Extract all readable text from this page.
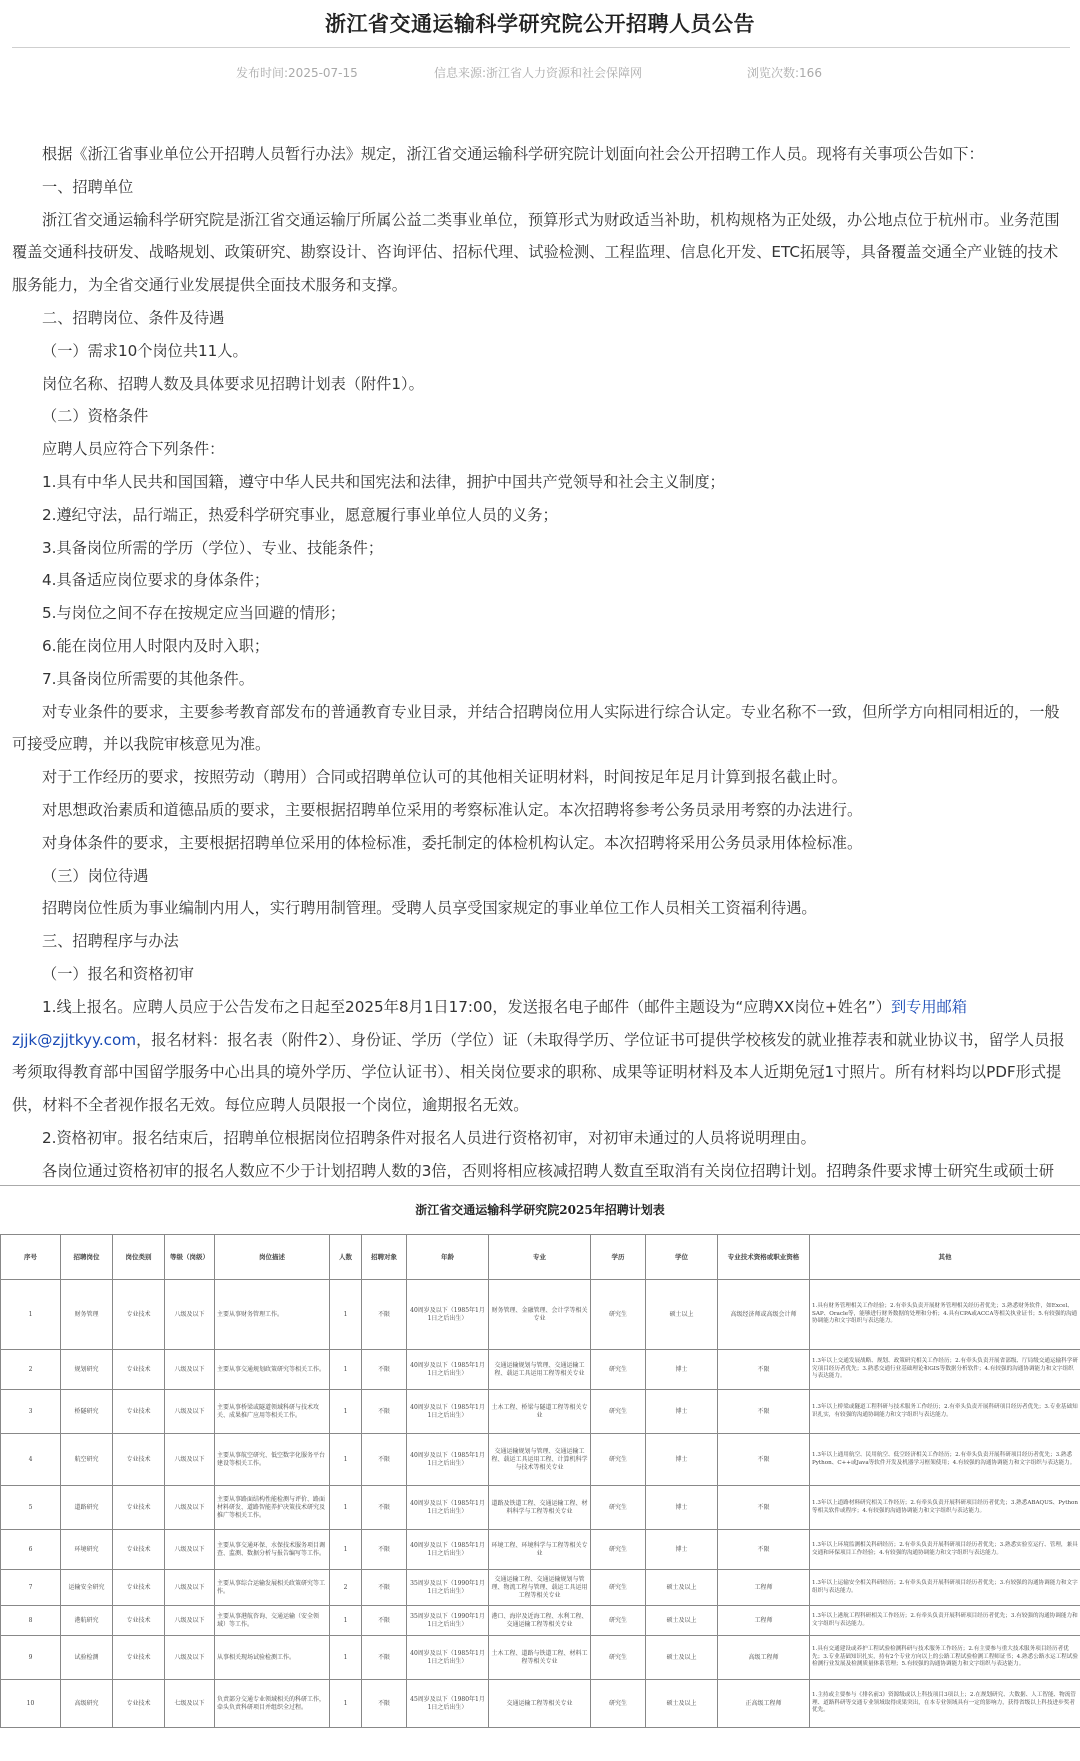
浙江省交通运输科学研究院公开招聘人员公告
发布时间:2025-07-15	信息来源:浙江省人力资源和社会保障网	浏览次数:166

根据《浙江省事业单位公开招聘人员暂行办法》规定，浙江省交通运输科学研究院计划面向社会公开招聘工作人员。现将有关事项公告如下：

一、招聘单位

浙江省交通运输科学研究院是浙江省交通运输厅所属公益二类事业单位，预算形式为财政适当补助，机构规格为正处级，办公地点位于杭州市。业务范围覆盖交通科技研发、战略规划、政策研究、勘察设计、咨询评估、招标代理、试验检测、工程监理、信息化开发、ETC拓展等，具备覆盖交通全产业链的技术服务能力，为全省交通行业发展提供全面技术服务和支撑。

二、招聘岗位、条件及待遇

（一）需求10个岗位共11人。

岗位名称、招聘人数及具体要求见招聘计划表（附件1）。

（二）资格条件

应聘人员应符合下列条件：

1.具有中华人民共和国国籍，遵守中华人民共和国宪法和法律，拥护中国共产党领导和社会主义制度；

2.遵纪守法，品行端正，热爱科学研究事业，愿意履行事业单位人员的义务；

3.具备岗位所需的学历（学位）、专业、技能条件；

4.具备适应岗位要求的身体条件；

5.与岗位之间不存在按规定应当回避的情形；

6.能在岗位用人时限内及时入职；

7.具备岗位所需要的其他条件。

对专业条件的要求，主要参考教育部发布的普通教育专业目录，并结合招聘岗位用人实际进行综合认定。专业名称不一致，但所学方向相同相近的，一般可接受应聘，并以我院审核意见为准。

对于工作经历的要求，按照劳动（聘用）合同或招聘单位认可的其他相关证明材料，时间按足年足月计算到报名截止时。

对思想政治素质和道德品质的要求，主要根据招聘单位采用的考察标准认定。本次招聘将参考公务员录用考察的办法进行。

对身体条件的要求，主要根据招聘单位采用的体检标准，委托制定的体检机构认定。本次招聘将采用公务员录用体检标准。

（三）岗位待遇

招聘岗位性质为事业编制内用人，实行聘用制管理。受聘人员享受国家规定的事业单位工作人员相关工资福利待遇。

三、招聘程序与办法

（一）报名和资格初审

1.线上报名。应聘人员应于公告发布之日起至2025年8月1日17:00，发送报名电子邮件（邮件主题设为“应聘XX岗位+姓名”）到专用邮箱zjjk@zjjtkyy.com，报名材料：报名表（附件2）、身份证、学历（学位）证（未取得学历、学位证书可提供学校核发的就业推荐表和就业协议书，留学人员报考须取得教育部中国留学服务中心出具的境外学历、学位认证书）、相关岗位要求的职称、成果等证明材料及本人近期免冠1寸照片。所有材料均以PDF形式提供，材料不全者视作报名无效。每位应聘人员限报一个岗位，逾期报名无效。

2.资格初审。报名结束后，招聘单位根据岗位招聘条件对报名人员进行资格初审，对初审未通过的人员将说明理由。

各岗位通过资格初审的报名人数应不少于计划招聘人数的3倍，否则将相应核减招聘人数直至取消有关岗位招聘计划。招聘条件要求博士研究生或硕士研

浙江省交通运输科学研究院2025年招聘计划表
序号	招聘岗位	岗位类别	等级（岗级）	岗位描述	人数	招聘对象	年龄	专业	学历	学位	专业技术资格或职业资格	其他
1	财务管理	专业技术	八级及以下	主要从事财务管理工作。	1	不限	40周岁及以下（1985年1月1日之后出生）	财务管理、金融管理、会计学等相关专业	研究生	硕士以上	高级经济师或高级会计师	1.具有财务管理相关工作经验；2.有牵头负责开展财务管理相关经历者优先；3.熟悉财务软件，如Excel、SAP、Oracle等，能够进行财务数据的处理和分析；4.具有CPA或ACCA等相关执业证书；5.有较强的沟通协调能力和文字组织与表达能力。
2	规划研究	专业技术	八级及以下	主要从事交通规划政策研究等相关工作。	1	不限	40周岁及以下（1985年1月1日之后出生）	交通运输规划与管理、交通运输工程、载运工具运用工程等相关专业	研究生	博士	不限	1.3年以上交通发展战略、规划、政策研究相关工作经历；2.有牵头负责开展省部级、厅局级交通运输科学研究项目经历者优先；3.熟悉交通行业基础理论和GIS等数据分析软件；4.有较强的沟通协调能力和文字组织与表达能力。
3	桥隧研究	专业技术	八级及以下	主要从事桥梁或隧道领域科研与技术攻关、成果推广应用等相关工作。	1	不限	40周岁及以下（1985年1月1日之后出生）	土木工程、桥梁与隧道工程等相关专业	研究生	博士	不限	1.3年以上桥梁或隧道工程科研与技术服务工作经历；2.有牵头负责开展科研项目经历者优先；3.专业基础知识扎实，有较强的沟通协调能力和文字组织与表达能力。
4	航空研究	专业技术	八级及以下	主要从事航空研究、低空数字化服务平台建设等相关工作。	1	不限	40周岁及以下（1985年1月1日之后出生）	交通运输规划与管理、交通运输工程、载运工具运用工程、计算机科学与技术等相关专业	研究生	博士	不限	1.3年以上通用航空、民用航空、低空经济相关工作经历；2.有牵头负责开展科研项目经历者优先；3.熟悉Python、C++或Java等软件开发及机器学习框架使用；4.有较强的沟通协调能力和文字组织与表达能力。
5	道路研究	专业技术	八级及以下	主要从事路面结构性能检测与评价、路面材料研发、道路智能养护决策技术研究及推广等相关工作。	1	不限	40周岁及以下（1985年1月1日之后出生）	道路及铁道工程、交通运输工程、材料科学与工程等相关专业	研究生	博士	不限	1.3年以上道路材料研究相关工作经历；2.有牵头负责开展科研项目经历者优先；3.熟悉ABAQUS、Python等相关软件或程序；4.有较强的沟通协调能力和文字组织与表达能力。
6	环境研究	专业技术	八级及以下	主要从事交通环保、水保技术服务项目调查、监测、数据分析与报告编写等工作。	1	不限	40周岁及以下（1985年1月1日之后出生）	环境工程、环境科学与工程等相关专业	研究生	博士	不限	1.3年以上环境监测相关科研经历；2.有牵头负责开展科研项目经历者优先；3.熟悉实验室运行、管理，兼具交通和环保项目工作经验；4.有较强的沟通协调能力和文字组织与表达能力。
7	运输安全研究	专业技术	八级及以下	主要从事综合运输发展相关政策研究等工作。	2	不限	35周岁及以下（1990年1月1日之后出生）	交通运输工程、交通运输规划与管理、物流工程与管理、载运工具运用工程等相关专业	研究生	硕士及以上	工程师	1.3年以上运输安全相关科研经历；2.有牵头负责开展科研项目经历者优先；3.有较强的沟通协调能力和文字组织与表达能力。
8	港航研究	专业技术	八级及以下	主要从事港航咨询、交通运输（安全领域）等工作。	1	不限	35周岁及以下（1990年1月1日之后出生）	港口、海岸及近海工程、水利工程、交通运输工程等相关专业	研究生	硕士及以上	工程师	1.3年以上港航工程科研相关工作经历；2.有牵头负责开展科研项目经历者优先；3.有较强的沟通协调能力和文字组织与表达能力。
9	试验检测	专业技术	八级及以下	从事相关现场试验检测工作。	1	不限	40周岁及以下（1985年1月1日之后出生）	土木工程、道路与铁道工程、材料工程等相关专业	研究生	硕士及以上	高级工程师	1.具有交通建设或养护工程试验检测科研与技术服务工作经历；2.有主要参与重大技术服务项目经历者优先；3.专业基础知识扎实，持有2个专业方向以上的公路工程试验检测工程师证书；4.熟悉公路水运工程试验检测行业发展及检测质量体系管理；5.有较强的沟通协调能力和文字组织与表达能力。
10	高级研究	专业技术	七级及以下	负责部分交通专业领域相关的科研工作，牵头负责科研项目并组织全过程。	1	不限	45周岁及以下（1980年1月1日之后出生）	交通运输工程等相关专业	研究生	硕士及以上	正高级工程师	1.主持或主要参与《排名前3》资源级或以上科技项目3项以上；2.在规划研究、大数据、人工智能、物流管理、道路科研等交通专业领域取得成果突出，在本专业领域具有一定的影响力，获得省级以上科技进步奖者优先。
